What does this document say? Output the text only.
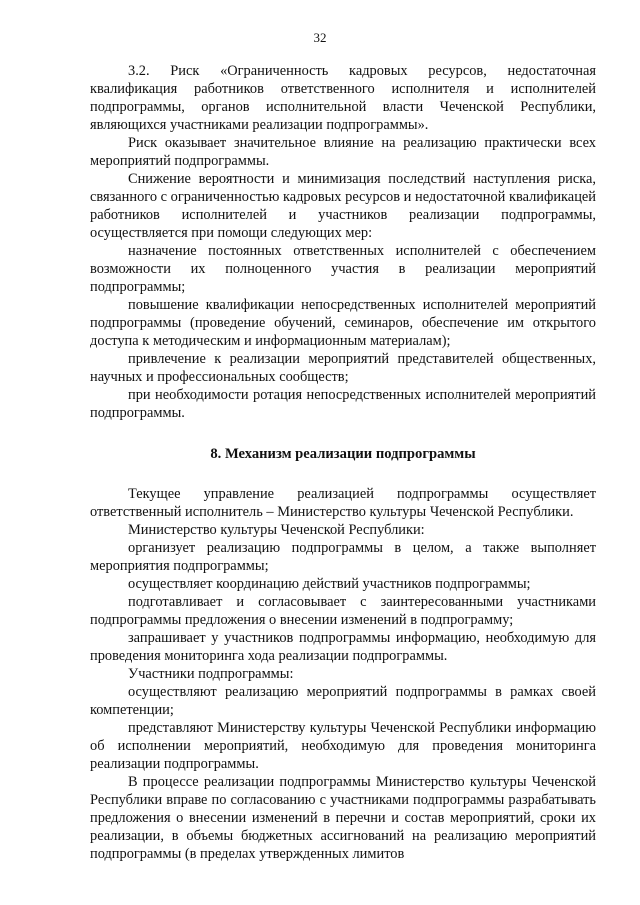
32

3.2. Риск «Ограниченность кадровых ресурсов, недостаточная квалификация работников ответственного исполнителя и исполнителей подпрограммы, органов исполнительной власти Чеченской Республики, являющихся участниками реализации подпрограммы».

Риск оказывает значительное влияние на реализацию практически всех мероприятий подпрограммы.

Снижение вероятности и минимизация последствий наступления риска, связанного с ограниченностью кадровых ресурсов и недостаточной квалификацей работников исполнителей и участников реализации подпрограммы, осуществляется при помощи следующих мер:

назначение постоянных ответственных исполнителей с обеспечением возможности их полноценного участия в реализации мероприятий подпрограммы;

повышение квалификации непосредственных исполнителей мероприятий подпрограммы (проведение обучений, семинаров, обеспечение им открытого доступа к методическим и информационным материалам);

привлечение к реализации мероприятий представителей общественных, научных и профессиональных сообществ;

при необходимости ротация непосредственных исполнителей мероприятий подпрограммы.

8. Механизм реализации подпрограммы

Текущее управление реализацией подпрограммы осуществляет ответственный исполнитель – Министерство культуры Чеченской Республики.

Министерство культуры Чеченской Республики:

организует реализацию подпрограммы в целом, а также выполняет мероприятия подпрограммы;

осуществляет координацию действий участников подпрограммы;

подготавливает и согласовывает с заинтересованными участниками подпрограммы предложения о внесении изменений в подпрограмму;

запрашивает у участников подпрограммы информацию, необходимую для проведения мониторинга хода реализации подпрограммы.

Участники подпрограммы:

осуществляют реализацию мероприятий подпрограммы в рамках своей компетенции;

представляют Министерству культуры Чеченской Республики информацию об исполнении мероприятий, необходимую для проведения мониторинга реализации подпрограммы.

В процессе реализации подпрограммы Министерство культуры Чеченской Республики вправе по согласованию с участниками подпрограммы разрабатывать предложения о внесении изменений в перечни и состав мероприятий, сроки их реализации, в объемы бюджетных ассигнований на реализацию мероприятий подпрограммы (в пределах утвержденных лимитов
